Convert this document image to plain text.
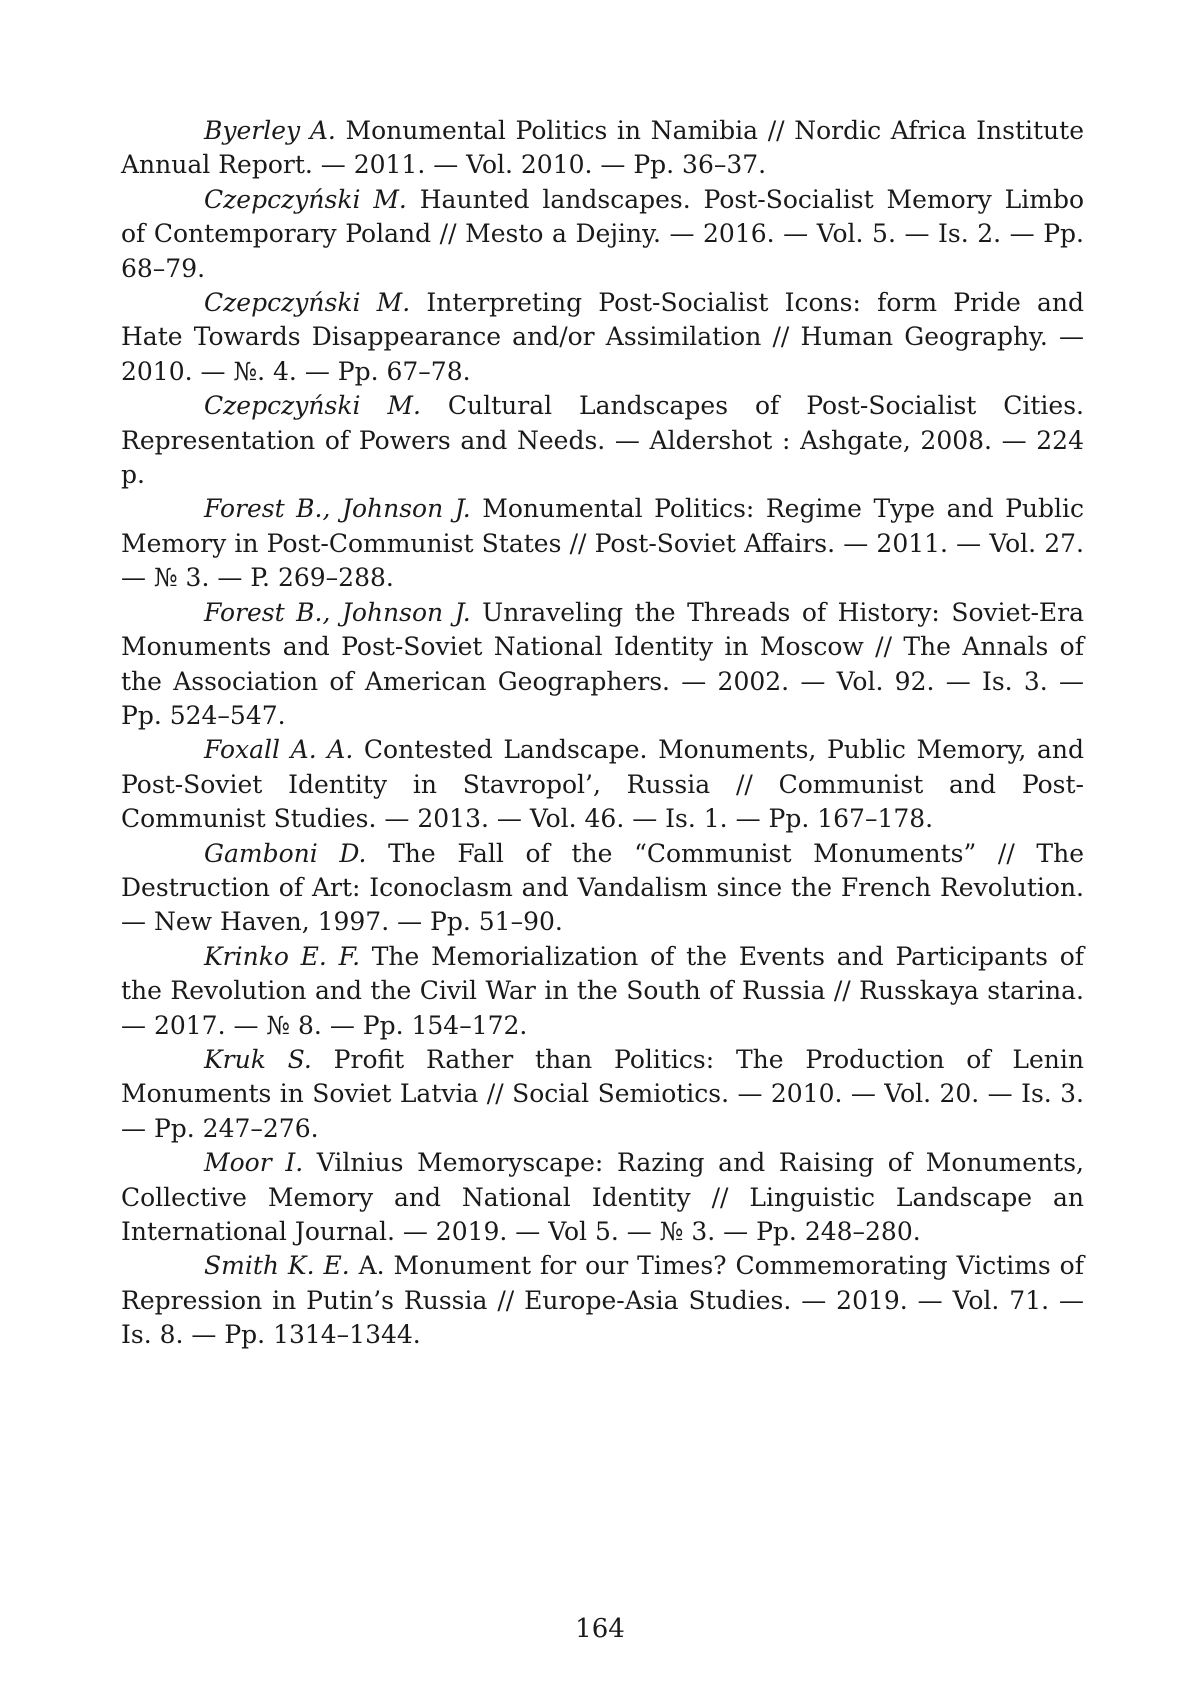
Byerley A. Monumental Politics in Namibia // Nordic Africa Institute Annual Report. — 2011. — Vol. 2010. — Pp. 36–37.

Czepczyński M. Haunted landscapes. Post-Socialist Memory Limbo of Contemporary Poland // Mesto a Dejiny. — 2016. — Vol. 5. — Is. 2. — Pp. 68–79.

Czepczyński M. Interpreting Post-Socialist Icons: form Pride and Hate Towards Disappearance and/or Assimilation // Human Geography. — 2010. — №. 4. — Pp. 67–78.

Czepczyński M. Cultural Landscapes of Post-Socialist Cities. Representation of Powers and Needs. — Aldershot : Ashgate, 2008. — 224 p.

Forest B., Johnson J. Monumental Politics: Regime Type and Public Memory in Post-Communist States // Post-Soviet Affairs. — 2011. — Vol. 27. — № 3. — P. 269–288.

Forest B., Johnson J. Unraveling the Threads of History: Soviet-Era Monuments and Post-Soviet National Identity in Moscow // The Annals of the Association of American Geographers. — 2002. — Vol. 92. — Is. 3. — Pp. 524–547.

Foxall A. A. Contested Landscape. Monuments, Public Memory, and Post-Soviet Identity in Stavropol’, Russia // Communist and Post-Communist Studies. — 2013. — Vol. 46. — Is. 1. — Pp. 167–178.

Gamboni D. The Fall of the “Communist Monuments” // The Destruction of Art: Iconoclasm and Vandalism since the French Revolution. — New Haven, 1997. — Pp. 51–90.

Krinko E. F. The Memorialization of the Events and Participants of the Revolution and the Civil War in the South of Russia // Russkaya starina. — 2017. — № 8. — Pp. 154–172.

Kruk S. Profit Rather than Politics: The Production of Lenin Monuments in Soviet Latvia // Social Semiotics. — 2010. — Vol. 20. — Is. 3. — Pp. 247–276.

Moor I. Vilnius Memoryscape: Razing and Raising of Monuments, Collective Memory and National Identity // Linguistic Landscape an International Journal. — 2019. — Vol 5. — № 3. — Pp. 248–280.

Smith K. E. A. Monument for our Times? Commemorating Victims of Repression in Putin’s Russia // Europe-Asia Studies. — 2019. — Vol. 71. — Is. 8. — Pp. 1314–1344.

164
